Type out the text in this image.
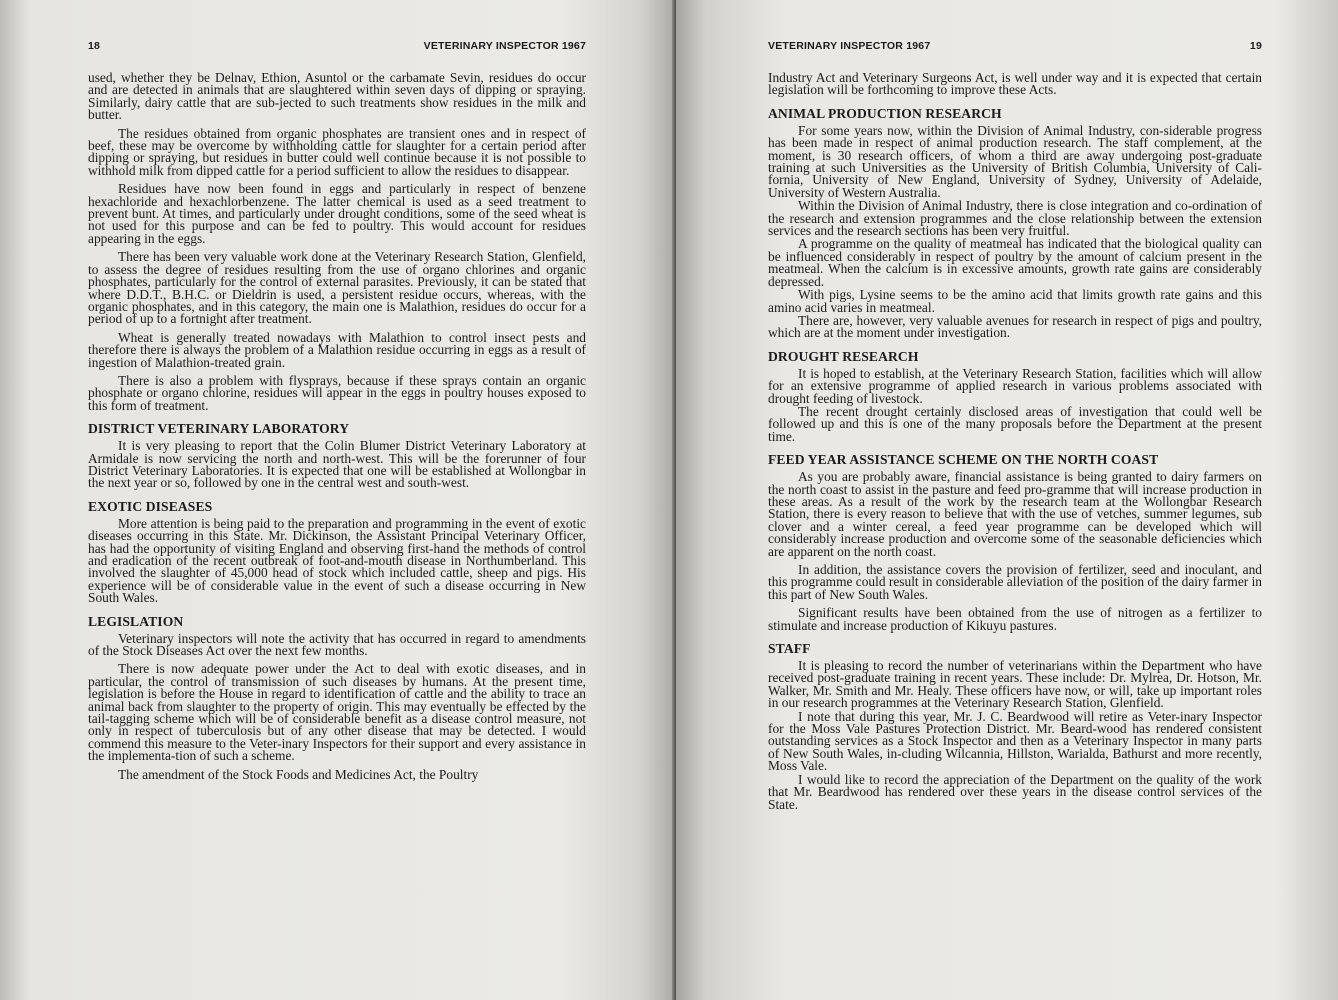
18	VETERINARY INSPECTOR 1967

used, whether they be Delnav, Ethion, Asuntol or the carbamate Sevin, residues do occur and are detected in animals that are slaughtered within seven days of dipping or spraying. Similarly, dairy cattle that are sub-jected to such treatments show residues in the milk and butter.

The residues obtained from organic phosphates are transient ones and in respect of beef, these may be overcome by withholding cattle for slaughter for a certain period after dipping or spraying, but residues in butter could well continue because it is not possible to withhold milk from dipped cattle for a period sufficient to allow the residues to disappear.

Residues have now been found in eggs and particularly in respect of benzene hexachloride and hexachlorbenzene. The latter chemical is used as a seed treatment to prevent bunt. At times, and particularly under drought conditions, some of the seed wheat is not used for this purpose and can be fed to poultry. This would account for residues appearing in the eggs.

There has been very valuable work done at the Veterinary Research Station, Glenfield, to assess the degree of residues resulting from the use of organo chlorines and organic phosphates, particularly for the control of external parasites. Previously, it can be stated that where D.D.T., B.H.C. or Dieldrin is used, a persistent residue occurs, whereas, with the organic phosphates, and in this category, the main one is Malathion, residues do occur for a period of up to a fortnight after treatment.

Wheat is generally treated nowadays with Malathion to control insect pests and therefore there is always the problem of a Malathion residue occurring in eggs as a result of ingestion of Malathion-treated grain.

There is also a problem with flysprays, because if these sprays contain an organic phosphate or organo chlorine, residues will appear in the eggs in poultry houses exposed to this form of treatment.

DISTRICT VETERINARY LABORATORY

It is very pleasing to report that the Colin Blumer District Veterinary Laboratory at Armidale is now servicing the north and north-west. This will be the forerunner of four District Veterinary Laboratories. It is expected that one will be established at Wollongbar in the next year or so, followed by one in the central west and south-west.

EXOTIC DISEASES

More attention is being paid to the preparation and programming in the event of exotic diseases occurring in this State. Mr. Dickinson, the Assistant Principal Veterinary Officer, has had the opportunity of visiting England and observing first-hand the methods of control and eradication of the recent outbreak of foot-and-mouth disease in Northumberland. This involved the slaughter of 45,000 head of stock which included cattle, sheep and pigs. His experience will be of considerable value in the event of such a disease occurring in New South Wales.

LEGISLATION

Veterinary inspectors will note the activity that has occurred in regard to amendments of the Stock Diseases Act over the next few months.

There is now adequate power under the Act to deal with exotic diseases, and in particular, the control of transmission of such diseases by humans. At the present time, legislation is before the House in regard to identification of cattle and the ability to trace an animal back from slaughter to the property of origin. This may eventually be effected by the tail-tagging scheme which will be of considerable benefit as a disease control measure, not only in respect of tuberculosis but of any other disease that may be detected. I would commend this measure to the Veter-inary Inspectors for their support and every assistance in the implementa-tion of such a scheme.

The amendment of the Stock Foods and Medicines Act, the Poultry

VETERINARY INSPECTOR 1967	19

Industry Act and Veterinary Surgeons Act, is well under way and it is expected that certain legislation will be forthcoming to improve these Acts.

ANIMAL PRODUCTION RESEARCH

For some years now, within the Division of Animal Industry, con-siderable progress has been made in respect of animal production research. The staff complement, at the moment, is 30 research officers, of whom a third are away undergoing post-graduate training at such Universities as the University of British Columbia, University of Cali-fornia, University of New England, University of Sydney, University of Adelaide, University of Western Australia.

Within the Division of Animal Industry, there is close integration and co-ordination of the research and extension programmes and the close relationship between the extension services and the research sections has been very fruitful.

A programme on the quality of meatmeal has indicated that the biological quality can be influenced considerably in respect of poultry by the amount of calcium present in the meatmeal. When the calcium is in excessive amounts, growth rate gains are considerably depressed.

With pigs, Lysine seems to be the amino acid that limits growth rate gains and this amino acid varies in meatmeal.

There are, however, very valuable avenues for research in respect of pigs and poultry, which are at the moment under investigation.

DROUGHT RESEARCH

It is hoped to establish, at the Veterinary Research Station, facilities which will allow for an extensive programme of applied research in various problems associated with drought feeding of livestock.

The recent drought certainly disclosed areas of investigation that could well be followed up and this is one of the many proposals before the Department at the present time.

FEED YEAR ASSISTANCE SCHEME ON THE NORTH COAST

As you are probably aware, financial assistance is being granted to dairy farmers on the north coast to assist in the pasture and feed pro-gramme that will increase production in these areas. As a result of the work by the research team at the Wollongbar Research Station, there is every reason to believe that with the use of vetches, summer legumes, sub clover and a winter cereal, a feed year programme can be developed which will considerably increase production and overcome some of the seasonable deficiencies which are apparent on the north coast.

In addition, the assistance covers the provision of fertilizer, seed and inoculant, and this programme could result in considerable alleviation of the position of the dairy farmer in this part of New South Wales.

Significant results have been obtained from the use of nitrogen as a fertilizer to stimulate and increase production of Kikuyu pastures.

STAFF

It is pleasing to record the number of veterinarians within the Department who have received post-graduate training in recent years. These include: Dr. Mylrea, Dr. Hotson, Mr. Walker, Mr. Smith and Mr. Healy. These officers have now, or will, take up important roles in our research programmes at the Veterinary Research Station, Glenfield.

I note that during this year, Mr. J. C. Beardwood will retire as Veter-inary Inspector for the Moss Vale Pastures Protection District. Mr. Beard-wood has rendered consistent outstanding services as a Stock Inspector and then as a Veterinary Inspector in many parts of New South Wales, in-cluding Wilcannia, Hillston, Warialda, Bathurst and more recently, Moss Vale.

I would like to record the appreciation of the Department on the quality of the work that Mr. Beardwood has rendered over these years in the disease control services of the State.
